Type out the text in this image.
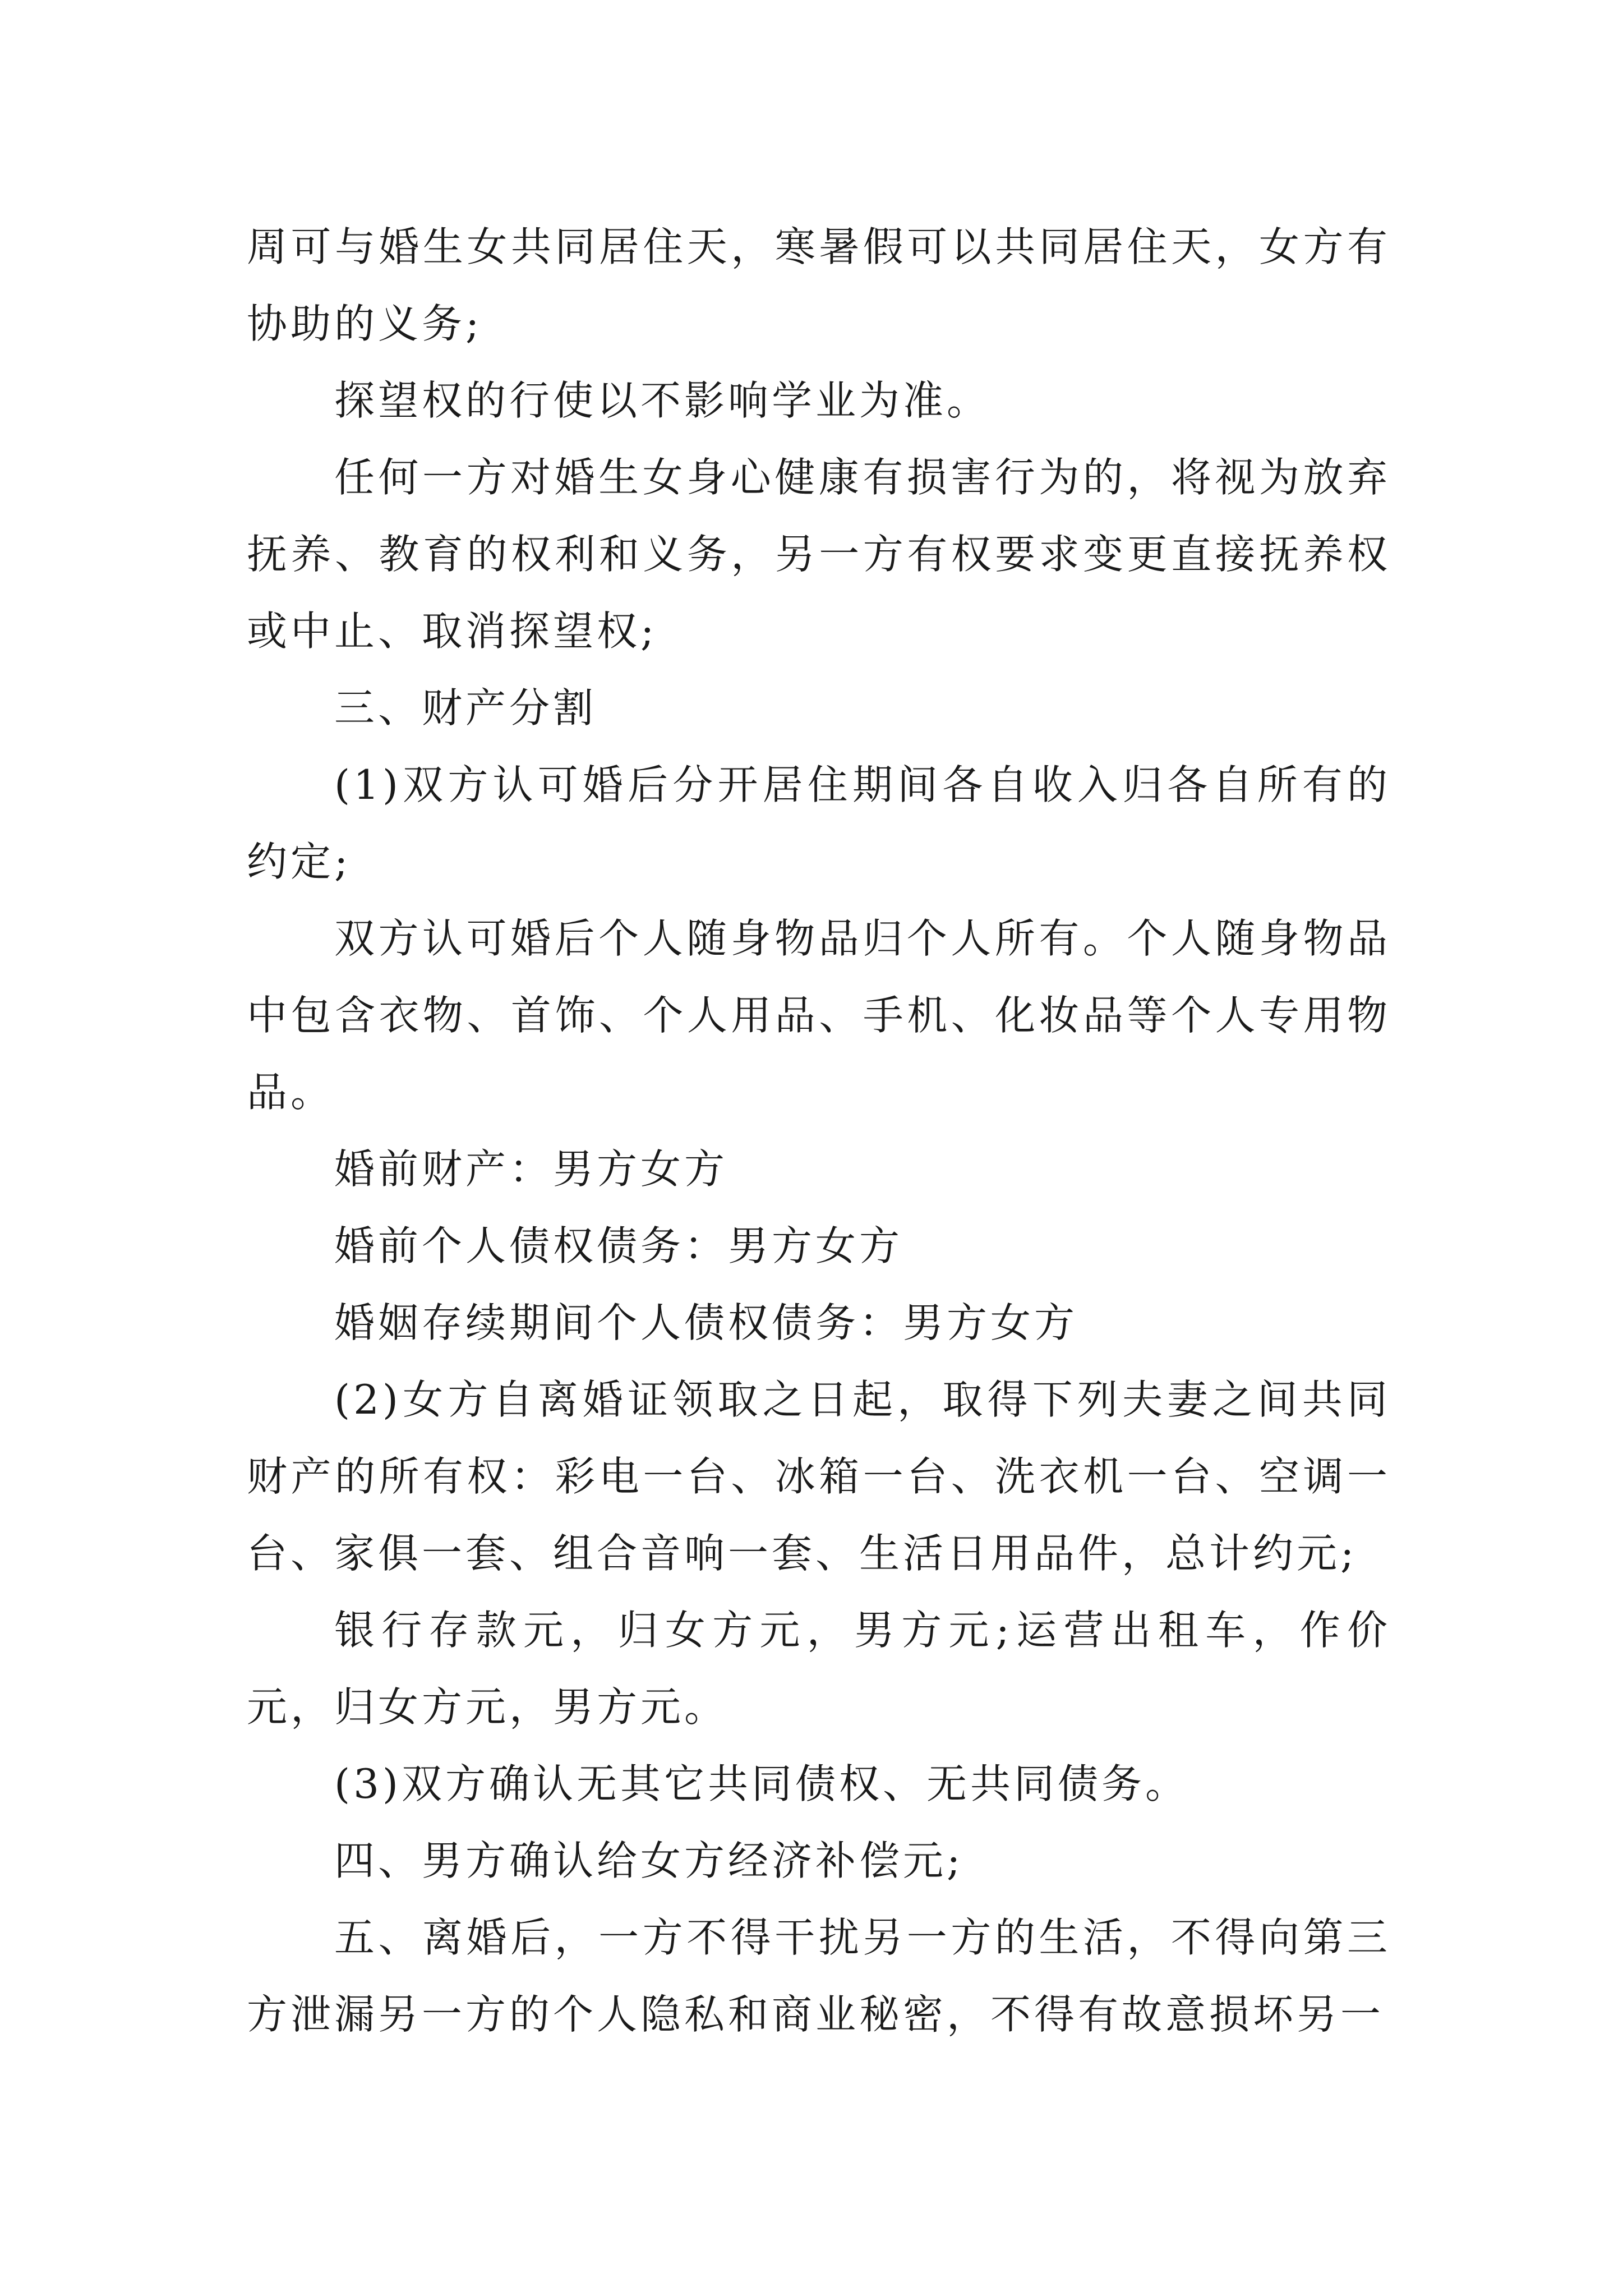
周可与婚生女共同居住天，寒暑假可以共同居住天，女方有协助的义务;

探望权的行使以不影响学业为准。

任何一方对婚生女身心健康有损害行为的，将视为放弃抚养、教育的权利和义务，另一方有权要求变更直接抚养权或中止、取消探望权;

三、财产分割

(1)双方认可婚后分开居住期间各自收入归各自所有的约定;

双方认可婚后个人随身物品归个人所有。个人随身物品中包含衣物、首饰、个人用品、手机、化妆品等个人专用物品。

婚前财产：男方女方

婚前个人债权债务：男方女方

婚姻存续期间个人债权债务：男方女方

(2)女方自离婚证领取之日起，取得下列夫妻之间共同财产的所有权：彩电一台、冰箱一台、洗衣机一台、空调一台、家俱一套、组合音响一套、生活日用品件，总计约元;

银行存款元，归女方元，男方元;运营出租车，作价元，归女方元，男方元。

(3)双方确认无其它共同债权、无共同债务。

四、男方确认给女方经济补偿元;

五、离婚后，一方不得干扰另一方的生活，不得向第三方泄漏另一方的个人隐私和商业秘密，不得有故意损坏另一
